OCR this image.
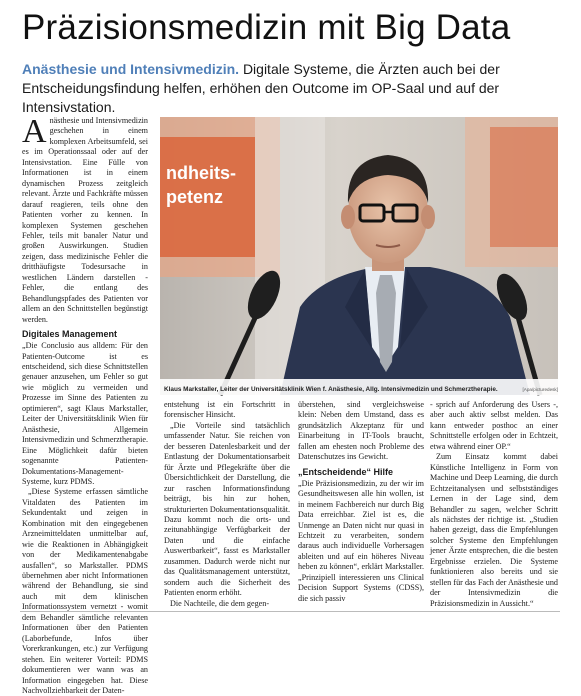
Präzisionsmedizin mit Big Data
Anästhesie und Intensivmedizin. Digitale Systeme, die Ärzten auch bei der Entscheidungsfindung helfen, erhöhen den Outcome im OP-Saal und auf der Intensivstation.

Anästhesie und Intensivmedizin geschehen in einem komplexen Arbeitsumfeld, sei es im Operationssaal oder auf der Intensivstation. Eine Fülle von Informationen ist in einem dynamischen Prozess zeitgleich relevant. Ärzte und Fachkräfte müssen darauf reagieren, teils ohne den Patienten vorher zu kennen. In komplexen Systemen geschehen Fehler, teils mit banaler Natur und großen Auswirkungen. Studien zeigen, dass medizinische Fehler die dritthäufigste Todesursache in westlichen Ländern darstellen - Fehler, die entlang des Behandlungspfades des Patienten vor allem an den Schnittstellen begünstigt werden.

Digitales Management

„Die Conclusio aus alldem: Für den Patienten-Outcome ist es entscheidend, sich diese Schnittstellen genauer anzusehen, um Fehler so gut wie möglich zu vermeiden und Prozesse im Sinne des Patienten zu optimieren“, sagt Klaus Markstaller, Leiter der Universitätsklinik Wien für Anästhesie, Allgemein Intensivmedizin und Schmerztherapie. Eine Möglichkeit dafür bieten sogenannte Patienten-Dokumentations-Management-Systeme, kurz PDMS.

„Diese Systeme erfassen sämtliche Vitaldaten des Patienten im Sekundentakt und zeigen in Kombination mit den eingegebenen Arzneimitteldaten unmittelbar auf, wie die Reaktionen in Abhängigkeit von der Medikamentenabgabe ausfallen“, so Markstaller. PDMS übernehmen aber nicht Informationen während der Behandlung, sie sind auch mit dem klinischen Informationssystem vernetzt - womit dem Behandler sämtliche relevanten Informationen über den Patienten (Laborbefunde, Infos über Vorerkrankungen, etc.) zur Verfügung stehen. Ein weiterer Vorteil: PDMS dokumentieren wer wann was an Information eingegeben hat. Diese Nachvollziehbarkeit der Daten-

ndheits-
petenz
Klaus Markstaller, Leiter der Universitätsklinik Wien f. Anästhesie, Allg. Intensivmedizin und Schmerztherapie.	[Apa/picturedesk]

entstehung ist ein Fortschritt in forensischer Hinsicht.

„Die Vorteile sind tatsächlich umfassender Natur. Sie reichen von der besseren Datenlesbarkeit und der Entlastung der Dokumentationsarbeit für Ärzte und Pflegekräfte über die Übersichtlichkeit der Darstellung, die zur raschen Informationsfindung beiträgt, bis hin zur hohen, strukturierten Dokumentationsqualität. Dazu kommt noch die orts- und zeitunabhängige Verfügbarkeit der Daten und die einfache Auswertbarkeit“, fasst es Markstaller zusammen. Dadurch werde nicht nur das Qualitätsmanagement unterstützt, sondern auch die Sicherheit des Patienten enorm erhöht.

Die Nachteile, die dem gegen-

überstehen, sind vergleichsweise klein: Neben dem Umstand, dass es grundsätzlich Akzeptanz für und Einarbeitung in IT-Tools braucht, fallen am ehesten noch Probleme des Datenschutzes ins Gewicht.

„Entscheidende“ Hilfe

„Die Präzisionsmedizin, zu der wir im Gesundheitswesen alle hin wollen, ist in meinem Fachbereich nur durch Big Data erreichbar. Ziel ist es, die Unmenge an Daten nicht nur quasi in Echtzeit zu verarbeiten, sondern daraus auch individuelle Vorhersagen ableiten und auf ein höheres Niveau heben zu können“, erklärt Markstaller. „Prinzipiell interessieren uns Clinical Decision Support Systems (CDSS), die sich passiv

- sprich auf Anforderung des Users -, aber auch aktiv selbst melden. Das kann entweder posthoc an einer Schnittstelle erfolgen oder in Echtzeit, etwa während einer OP.“

Zum Einsatz kommt dabei Künstliche Intelligenz in Form von Machine und Deep Learning, die durch Echtzeitanalysen und selbstständiges Lernen in der Lage sind, dem Behandler zu sagen, welcher Schritt als nächstes der richtige ist. „Studien haben gezeigt, dass die Empfehlungen solcher Systeme den Empfehlungen jener Ärzte entsprechen, die die besten Ergebnisse erzielen. Die Systeme funktionieren also bereits und sie stellen für das Fach der Anästhesie und der Intensivmedizin die Präzisionsmedizin in Aussicht.“
